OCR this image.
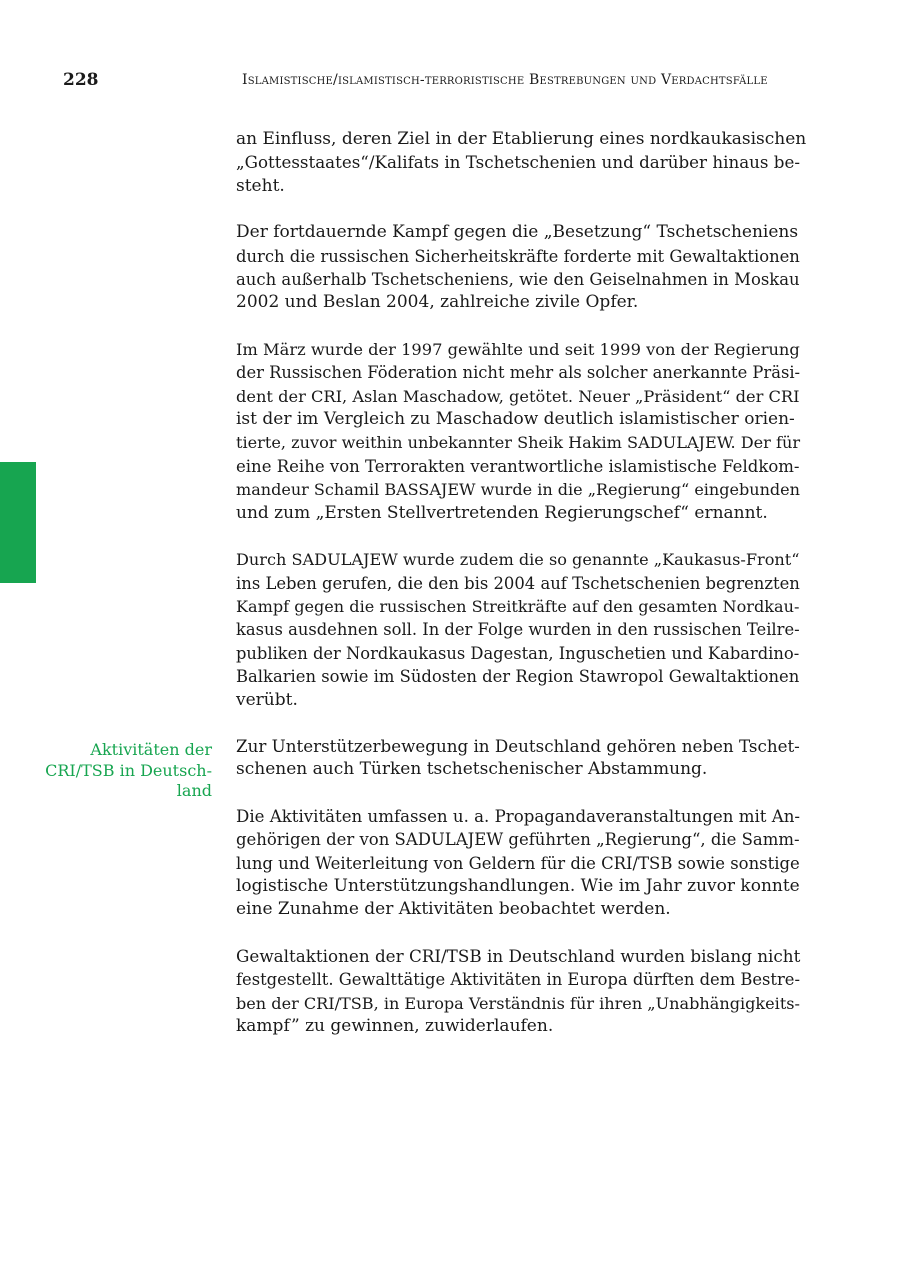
228	Islamistische/islamistisch-terroristische Bestrebungen und Verdachtsfälle
Aktivitäten der
CRI/TSB in Deutsch-
land

an Einfluss, deren Ziel in der Etablierung eines nordkaukasischen
„Gottesstaates“/Kalifats in Tschetschenien und darüber hinaus be-
steht.

Der fortdauernde Kampf gegen die „Besetzung“ Tschetscheniens
durch die russischen Sicherheitskräfte forderte mit Gewaltaktionen
auch außerhalb Tschetscheniens, wie den Geiselnahmen in Moskau
2002 und Beslan 2004, zahlreiche zivile Opfer.

Im März wurde der 1997 gewählte und seit 1999 von der Regierung
der Russischen Föderation nicht mehr als solcher anerkannte Präsi-
dent der CRI, Aslan Maschadow, getötet. Neuer „Präsident“ der CRI
ist der im Vergleich zu Maschadow deutlich islamistischer orien-
tierte, zuvor weithin unbekannter Sheik Hakim SADULAJEW. Der für
eine Reihe von Terrorakten verantwortliche islamistische Feldkom-
mandeur Schamil BASSAJEW wurde in die „Regierung“ eingebunden
und zum „Ersten Stellvertretenden Regierungschef“ ernannt.

Durch SADULAJEW wurde zudem die so genannte „Kaukasus-Front“
ins Leben gerufen, die den bis 2004 auf Tschetschenien begrenzten
Kampf gegen die russischen Streitkräfte auf den gesamten Nordkau-
kasus ausdehnen soll. In der Folge wurden in den russischen Teilre-
publiken der Nordkaukasus Dagestan, Inguschetien und Kabardino-
Balkarien sowie im Südosten der Region Stawropol Gewaltaktionen
verübt.

Zur Unterstützerbewegung in Deutschland gehören neben Tschet-
schenen auch Türken tschetschenischer Abstammung.

Die Aktivitäten umfassen u. a. Propagandaveranstaltungen mit An-
gehörigen der von SADULAJEW geführten „Regierung“, die Samm-
lung und Weiterleitung von Geldern für die CRI/TSB sowie sonstige
logistische Unterstützungshandlungen. Wie im Jahr zuvor konnte
eine Zunahme der Aktivitäten beobachtet werden.

Gewaltaktionen der CRI/TSB in Deutschland wurden bislang nicht
festgestellt. Gewalttätige Aktivitäten in Europa dürften dem Bestre-
ben der CRI/TSB, in Europa Verständnis für ihren „Unabhängigkeits-
kampf” zu gewinnen, zuwiderlaufen.
